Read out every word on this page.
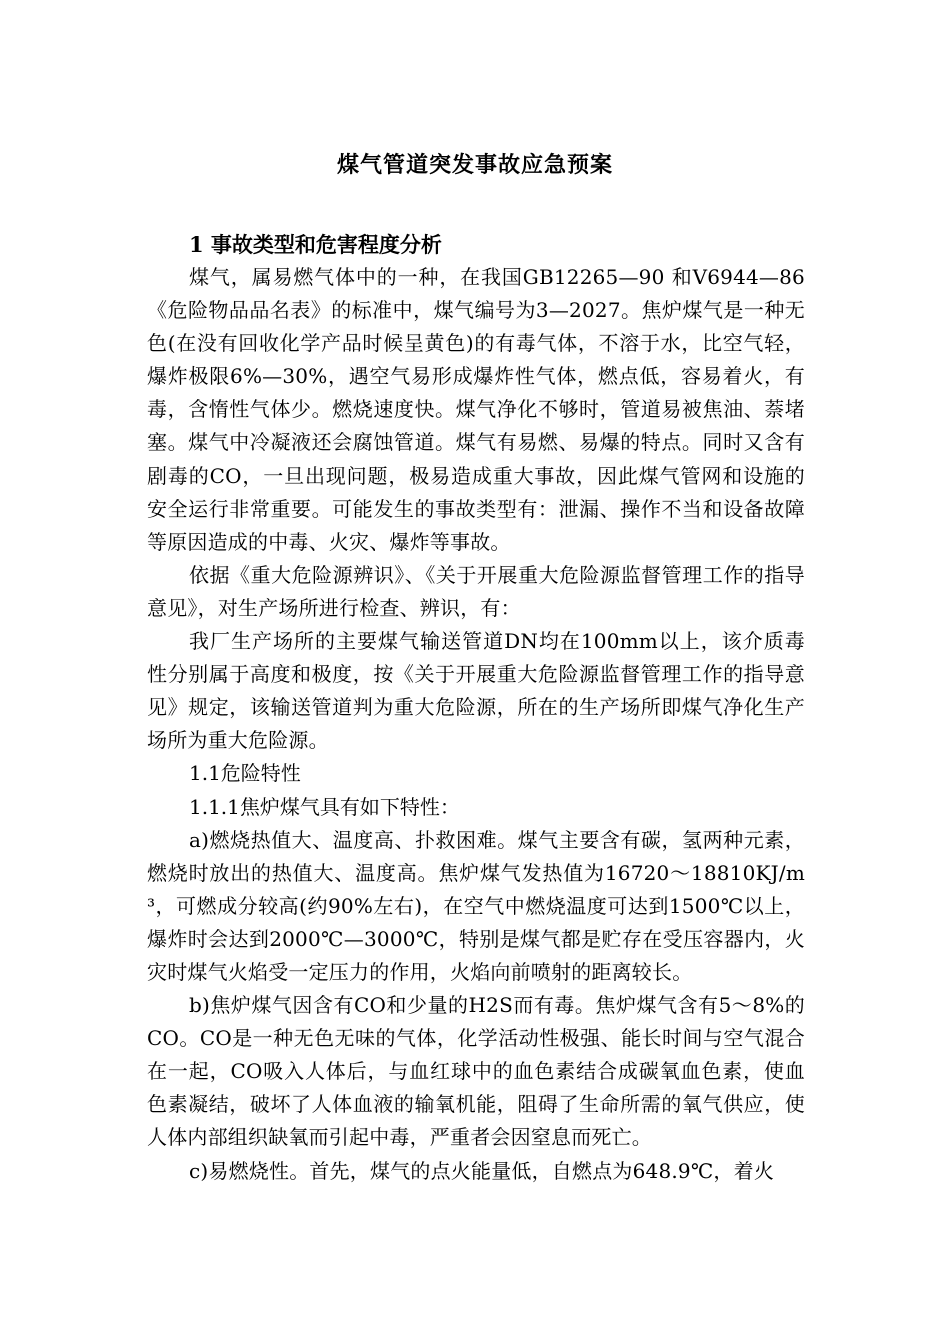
煤气管道突发事故应急预案

1 事故类型和危害程度分析

煤气，属易燃气体中的一种，在我国GB12265—90 和V6944—86《危险物品品名表》的标准中，煤气编号为3—2027。焦炉煤气是一种无色(在没有回收化学产品时候呈黄色)的有毒气体，不溶于水，比空气轻，爆炸极限6%—30%，遇空气易形成爆炸性气体，燃点低，容易着火，有毒，含惰性气体少。燃烧速度快。煤气净化不够时，管道易被焦油、萘堵塞。煤气中冷凝液还会腐蚀管道。煤气有易燃、易爆的特点。同时又含有剧毒的CO，一旦出现问题，极易造成重大事故，因此煤气管网和设施的安全运行非常重要。可能发生的事故类型有：泄漏、操作不当和设备故障等原因造成的中毒、火灾、爆炸等事故。

依据《重大危险源辨识》、《关于开展重大危险源监督管理工作的指导意见》，对生产场所进行检查、辨识，有：

我厂生产场所的主要煤气输送管道DN均在100mm以上，该介质毒性分别属于高度和极度，按《关于开展重大危险源监督管理工作的指导意见》规定，该输送管道判为重大危险源，所在的生产场所即煤气净化生产场所为重大危险源。

1.1危险特性

1.1.1焦炉煤气具有如下特性：

a)燃烧热值大、温度高、扑救困难。煤气主要含有碳，氢两种元素，燃烧时放出的热值大、温度高。焦炉煤气发热值为16720～18810KJ/m³，可燃成分较高(约90%左右)，在空气中燃烧温度可达到1500℃以上，爆炸时会达到2000℃—3000℃，特别是煤气都是贮存在受压容器内，火灾时煤气火焰受一定压力的作用，火焰向前喷射的距离较长。

b)焦炉煤气因含有CO和少量的H2S而有毒。焦炉煤气含有5～8%的CO。CO是一种无色无味的气体，化学活动性极强、能长时间与空气混合在一起，CO吸入人体后，与血红球中的血色素结合成碳氧血色素，使血色素凝结，破坏了人体血液的输氧机能，阻碍了生命所需的氧气供应，使人体内部组织缺氧而引起中毒，严重者会因窒息而死亡。

c)易燃烧性。首先，煤气的点火能量低，自燃点为648.9℃，着火
